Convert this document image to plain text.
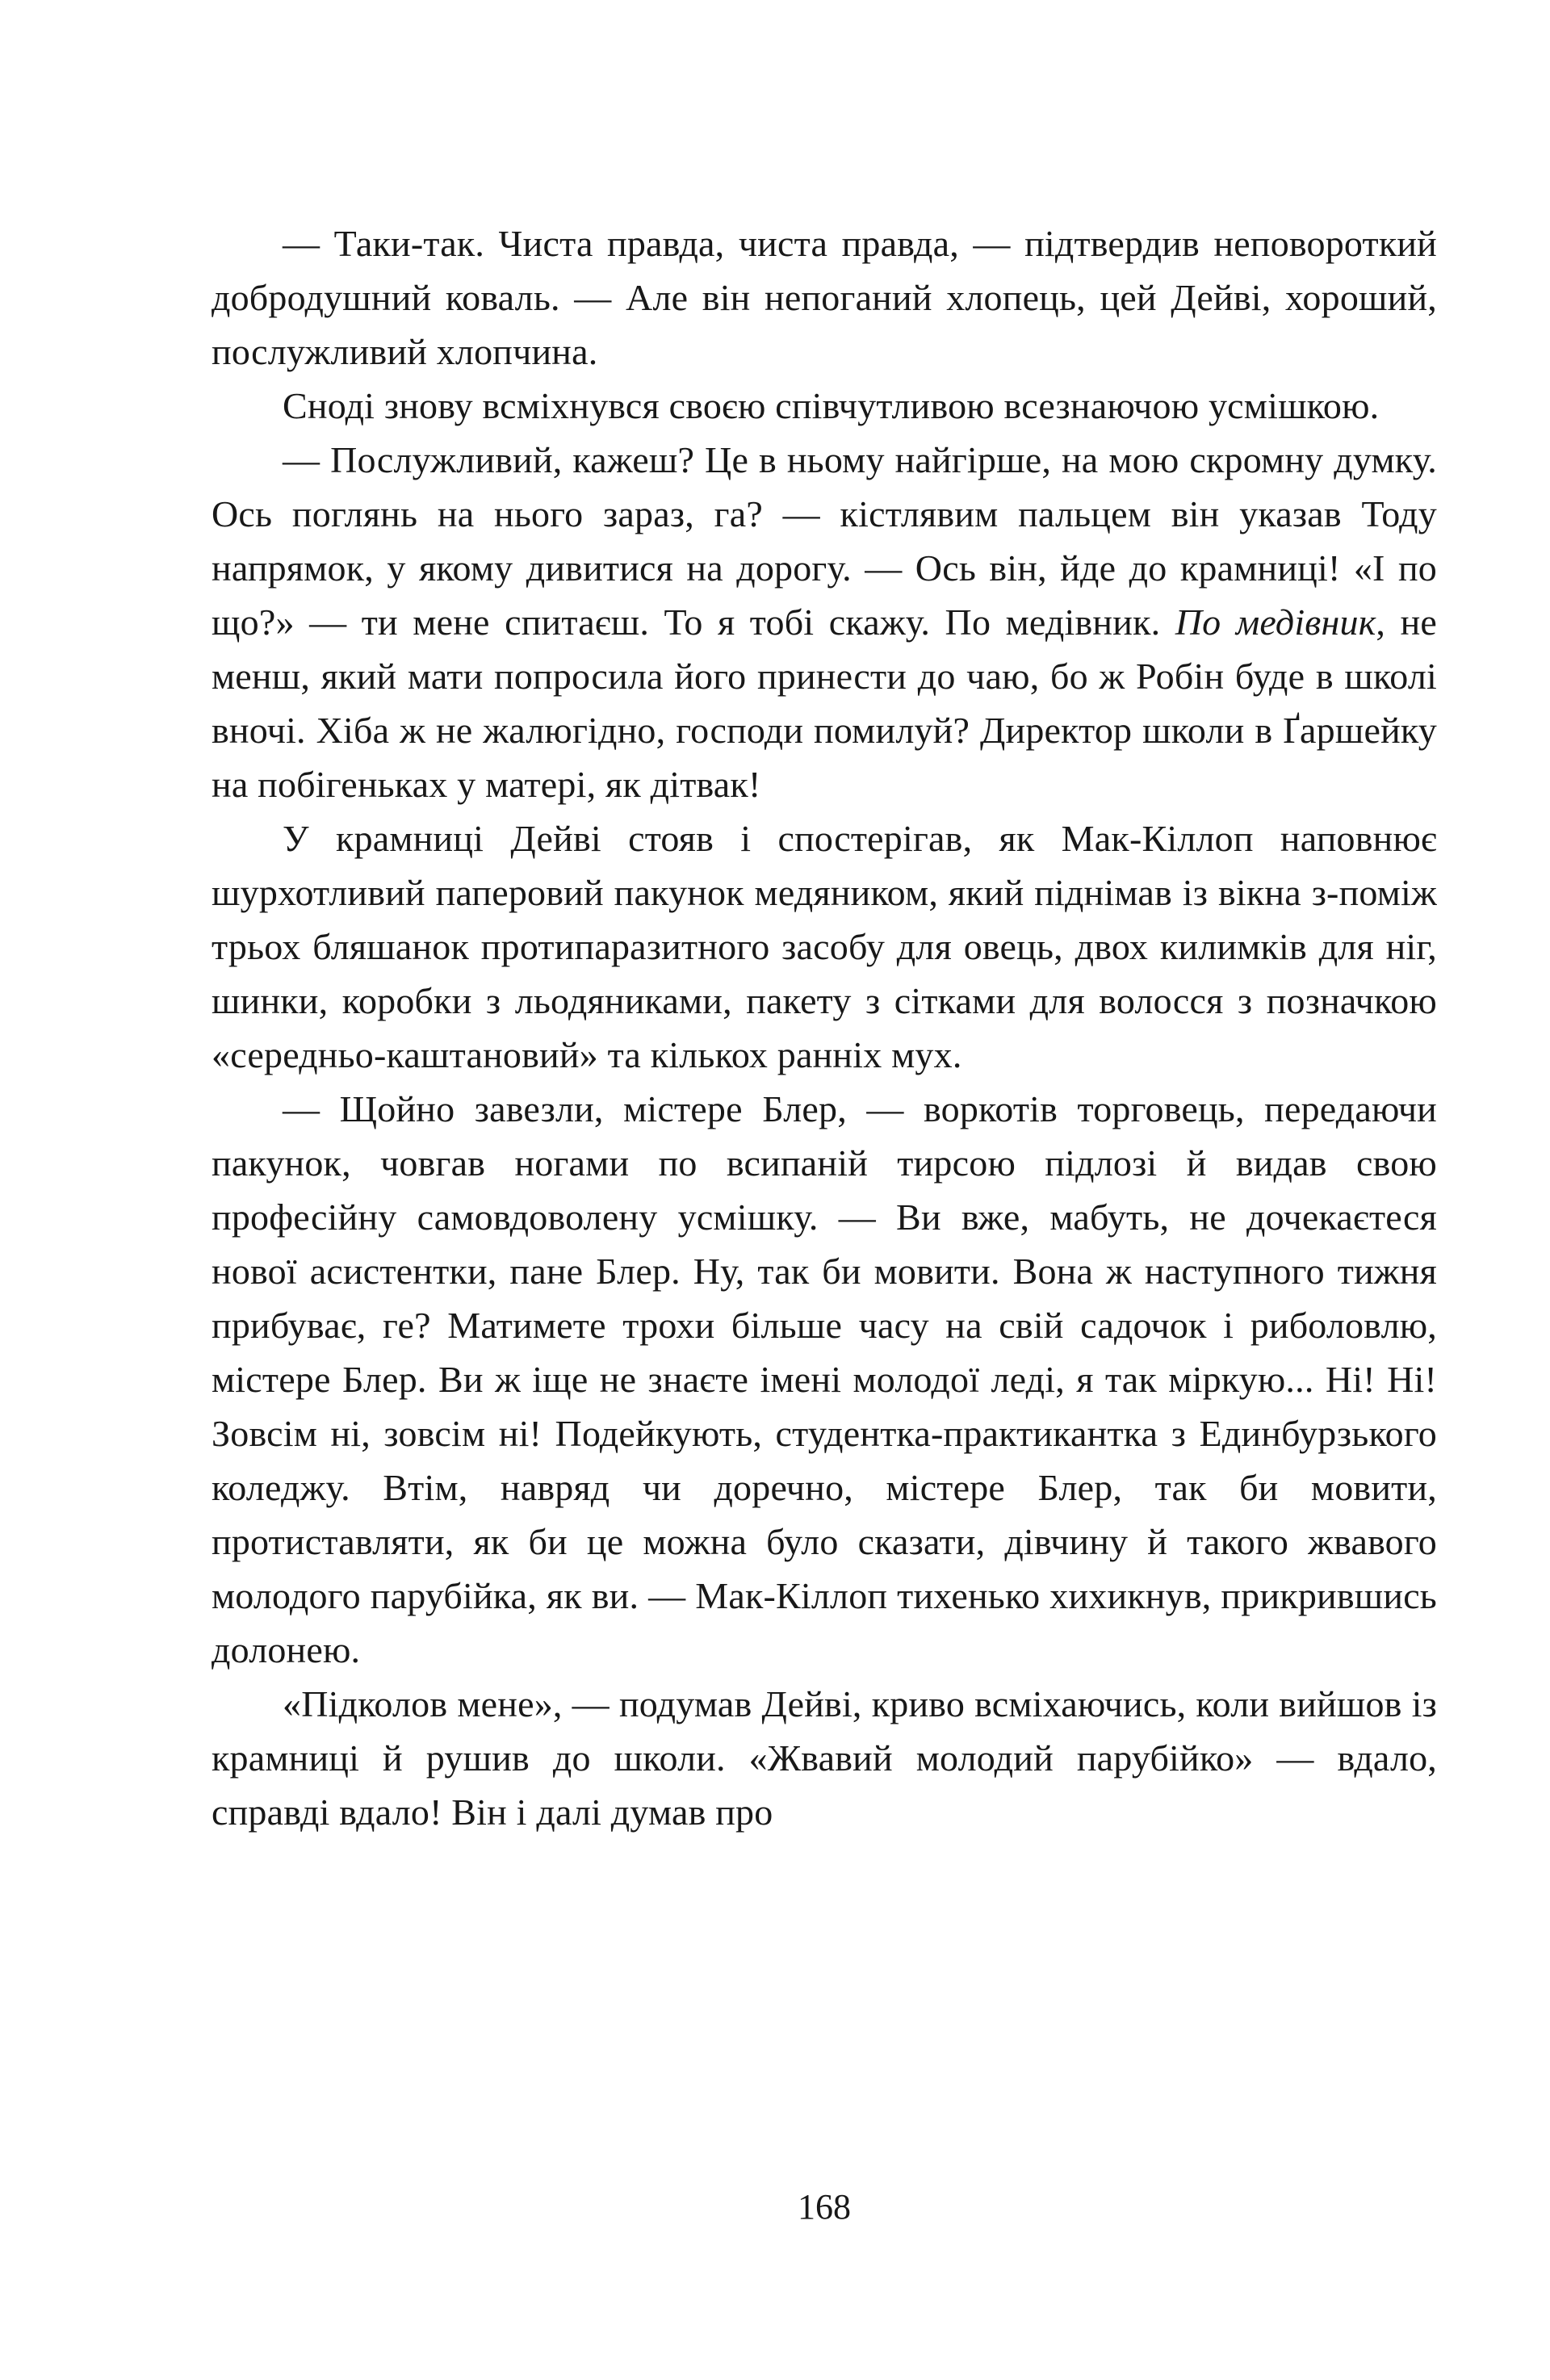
— Таки-так. Чиста правда, чиста правда, — підтвердив неповороткий добродушний коваль. — Але він непоганий хлопець, цей Дейві, хороший, послужливий хлопчина.

Сноді знову всміхнувся своєю співчутливою всезнаючою усмішкою.

— Послужливий, кажеш? Це в ньому найгірше, на мою скромну думку. Ось поглянь на нього зараз, га? — кістлявим пальцем він указав Тоду напрямок, у якому дивитися на дорогу. — Ось він, йде до крамниці! «І по що?» — ти мене спитаєш. То я тобі скажу. По медівник. По медівник, не менш, який мати попросила його принести до чаю, бо ж Робін буде в школі вночі. Хіба ж не жалюгідно, господи помилуй? Директор школи в Ґаршейку на побігеньках у матері, як дітвак!

У крамниці Дейві стояв і спостерігав, як Мак-Кіллоп наповнює шурхотливий паперовий пакунок медяником, який піднімав із вікна з-поміж трьох бляшанок протипаразитного засобу для овець, двох килимків для ніг, шинки, коробки з льодяниками, пакету з сітками для волосся з позначкою «середньо-каштановий» та кількох ранніх мух.

— Щойно завезли, містере Блер, — воркотів торговець, передаючи пакунок, човгав ногами по всипаній тирсою підлозі й видав свою професійну самовдоволену усмішку. — Ви вже, мабуть, не дочекаєтеся нової асистентки, пане Блер. Ну, так би мовити. Вона ж наступного тижня прибуває, ге? Матимете трохи більше часу на свій садочок і риболовлю, містере Блер. Ви ж іще не знаєте імені молодої леді, я так міркую... Ні! Ні! Зовсім ні, зовсім ні! Подейкують, студентка-практикантка з Единбурзького коледжу. Втім, навряд чи доречно, містере Блер, так би мовити, протиставляти, як би це можна було сказати, дівчину й такого жвавого молодого парубійка, як ви. — Мак-Кіллоп тихенько хихикнув, прикрившись долонею.

«Підколов мене», — подумав Дейві, криво всміхаючись, коли вийшов із крамниці й рушив до школи. «Жвавий молодий парубійко» — вдало, справді вдало! Він і далі думав про

168
